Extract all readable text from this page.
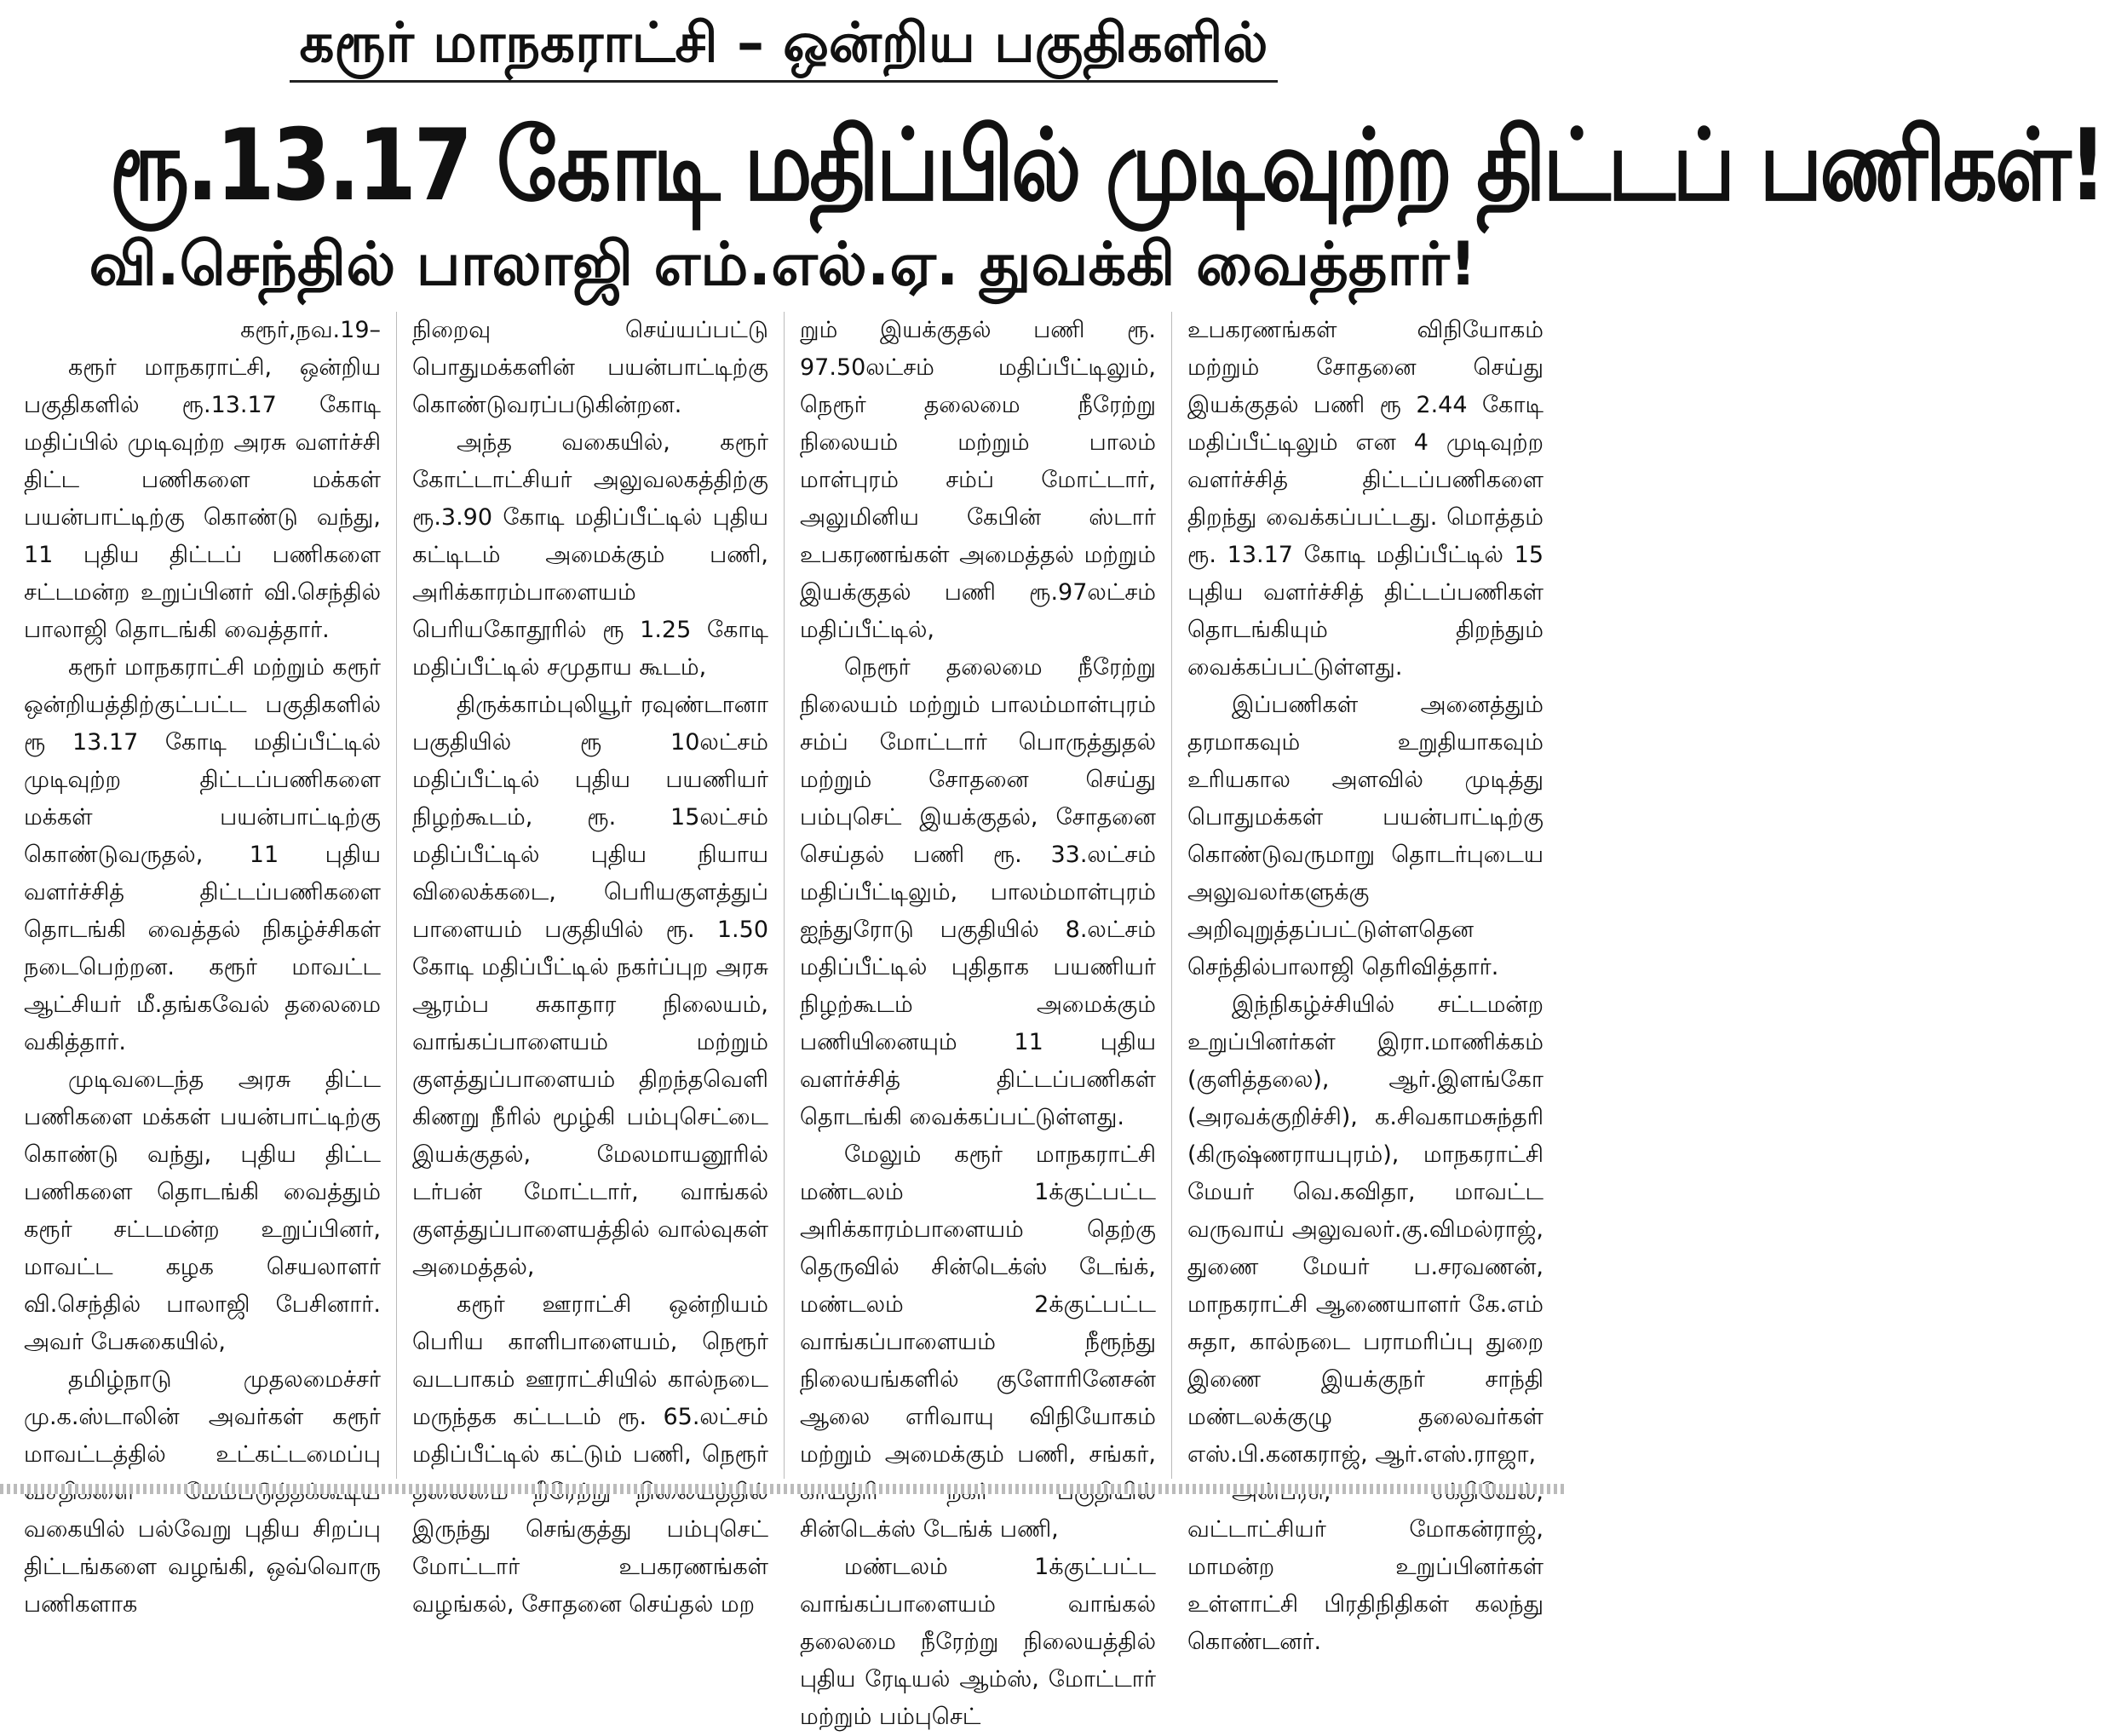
கரூர் மாநகராட்சி – ஒன்றிய பகுதிகளில்
ரூ.13.17 கோடி மதிப்பில் முடிவுற்ற திட்டப் பணிகள்!
வி.செந்தில் பாலாஜி எம்.எல்.ஏ. துவக்கி வைத்தார்!

கரூர்,நவ.19–

கரூர் மாநகராட்சி, ஒன்றிய பகுதிகளில் ரூ.13.17 கோடி மதிப்பில் முடிவுற்ற அரசு வளர்ச்சி திட்ட பணிகளை மக்கள் பயன்பாட்டிற்கு கொண்டு வந்து, 11 புதிய திட்டப் பணிகளை சட்டமன்ற உறுப்பினர் வி.செந்தில் பாலாஜி தொடங்கி வைத்தார்.

கரூர் மாநகராட்சி மற்றும் கரூர் ஒன்றியத்திற்குட்பட்ட பகுதிகளில் ரூ 13.17 கோடி மதிப்பீட்டில் முடிவுற்ற திட்டப்பணிகளை மக்கள் பயன்பாட்டிற்கு கொண்டுவருதல், 11 புதிய வளர்ச்சித் திட்டப்பணிகளை தொடங்கி வைத்தல் நிகழ்ச்சிகள் நடைபெற்றன. கரூர் மாவட்ட ஆட்சியர் மீ.தங்கவேல் தலைமை வகித்தார்.

முடிவடைந்த அரசு திட்ட பணிகளை மக்கள் பயன்பாட்டிற்கு கொண்டு வந்து, புதிய திட்ட பணிகளை தொடங்கி வைத்தும் கரூர் சட்டமன்ற உறுப்பினர், மாவட்ட கழக செயலாளர் வி.செந்தில் பாலாஜி பேசினார். அவர் பேசுகையில்,

தமிழ்நாடு முதலமைச்சர் மு.க.ஸ்டாலின் அவர்கள் கரூர் மாவட்டத்தில் உட்கட்டமைப்பு வகையில் பல்வேறு புதிய சிறப்பு திட்டங்களை வழங்கி, ஒவ்வொரு பணிகளாக

நிறைவு செய்யப்பட்டு பொதுமக்களின் பயன்பாட்டிற்கு கொண்டுவரப்படுகின்றன.

அந்த வகையில், கரூர் கோட்டாட்சியர் அலுவலகத்திற்கு ரூ.3.90 கோடி மதிப்பீட்டில் புதிய கட்டிடம் அமைக்கும் பணி, அரிக்காரம்பாளையம் பெரியகோதூரில் ரூ 1.25 கோடி மதிப்பீட்டில் சமுதாய கூடம்,

திருக்காம்புலியூர் ரவுண்டானா பகுதியில் ரூ 10லட்சம் மதிப்பீட்டில் புதிய பயணியர் நிழற்கூடம், ரூ. 15லட்சம் மதிப்பீட்டில் புதிய நியாய விலைக்கடை, பெரியகுளத்துப் பாளையம் பகுதியில் ரூ. 1.50 கோடி மதிப்பீட்டில் நகர்ப்புற அரசு ஆரம்ப சுகாதார நிலையம், வாங்கப்பாளையம் மற்றும் குளத்துப்பாளையம் திறந்தவெளி கிணறு நீரில் மூழ்கி பம்புசெட்டை இயக்குதல், மேலமாயனூரில் டர்பன் மோட்டார், வாங்கல் குளத்துப்பாளையத்தில் வால்வுகள் அமைத்தல்,

கரூர் ஊராட்சி ஒன்றியம் பெரிய காளிபாளையம், நெரூர் வடபாகம் ஊராட்சியில் கால்நடை மருந்தக கட்டடம் ரூ. 65.லட்சம் மதிப்பீட்டில் கட்டும் பணி, நெரூர் இருந்து செங்குத்து பம்புசெட் மோட்டார் உபகரணங்கள் வழங்கல், சோதனை செய்தல் மற

றும் இயக்குதல் பணி ரூ. 97.50லட்சம் மதிப்பீட்டிலும், நெரூர் தலைமை நீரேற்று நிலையம் மற்றும் பாலம் மாள்புரம் சம்ப் மோட்டார், அலுமினிய கேபின் ஸ்டார் உபகரணங்கள் அமைத்தல் மற்றும் இயக்குதல் பணி ரூ.97லட்சம் மதிப்பீட்டில்,

நெரூர் தலைமை நீரேற்று நிலையம் மற்றும் பாலம்மாள்புரம் சம்ப் மோட்டார் பொருத்துதல் மற்றும் சோதனை செய்து பம்புசெட் இயக்குதல், சோதனை செய்தல் பணி ரூ. 33.லட்சம் மதிப்பீட்டிலும், பாலம்மாள்புரம் ஐந்துரோடு பகுதியில் 8.லட்சம் மதிப்பீட்டில் புதிதாக பயணியர் நிழற்கூடம் அமைக்கும் பணியினையும் 11 புதிய வளர்ச்சித் திட்டப்பணிகள் தொடங்கி வைக்கப்பட்டுள்ளது.

மேலும் கரூர் மாநகராட்சி மண்டலம் 1க்குட்பட்ட அரிக்காரம்பாளையம் தெற்கு தெருவில் சின்டெக்ஸ் டேங்க், மண்டலம் 2க்குட்பட்ட வாங்கப்பாளையம் நீரூந்து நிலையங்களில் குளோரினேசன் ஆலை எரிவாயு விநியோகம் மற்றும் அமைக்கும் பணி, சங்கர், சின்டெக்ஸ் டேங்க் பணி,

மண்டலம் 1க்குட்பட்ட வாங்கப்பாளையம் வாங்கல் தலைமை நீரேற்று நிலையத்தில் புதிய ரேடியல் ஆம்ஸ், மோட்டார் மற்றும் பம்புசெட்

உபகரணங்கள் விநியோகம் மற்றும் சோதனை செய்து இயக்குதல் பணி ரூ 2.44 கோடி மதிப்பீட்டிலும் என 4 முடிவுற்ற வளர்ச்சித் திட்டப்பணிகளை திறந்து வைக்கப்பட்டது. மொத்தம் ரூ. 13.17 கோடி மதிப்பீட்டில் 15 புதிய வளர்ச்சித் திட்டப்பணிகள் தொடங்கியும் திறந்தும் வைக்கப்பட்டுள்ளது.

இப்பணிகள் அனைத்தும் தரமாகவும் உறுதியாகவும் உரியகால அளவில் முடித்து பொதுமக்கள் பயன்பாட்டிற்கு கொண்டுவருமாறு தொடர்புடைய அலுவலர்களுக்கு அறிவுறுத்தப்பட்டுள்ளதென செந்தில்பாலாஜி தெரிவித்தார்.

இந்நிகழ்ச்சியில் சட்டமன்ற உறுப்பினர்கள் இரா.மாணிக்கம் (குளித்தலை), ஆர்.இளங்கோ (அரவக்குறிச்சி), க.சிவகாமசுந்தரி (கிருஷ்ணராயபுரம்), மாநகராட்சி மேயர் வெ.கவிதா, மாவட்ட வருவாய் அலுவலர்.கு.விமல்ராஜ், துணை மேயர் ப.சரவணன், மாநகராட்சி ஆணையாளர் கே.எம் சுதா, கால்நடை பராமரிப்பு துறை இணை இயக்குநர் சாந்தி மண்டலக்குழு தலைவர்கள் எஸ்.பி.கனகராஜ், ஆர்.எஸ்.ராஜா,

வட்டாட்சியர் மோகன்ராஜ், மாமன்ற உறுப்பினர்கள் உள்ளாட்சி பிரதிநிதிகள் கலந்து கொண்டனர்.
